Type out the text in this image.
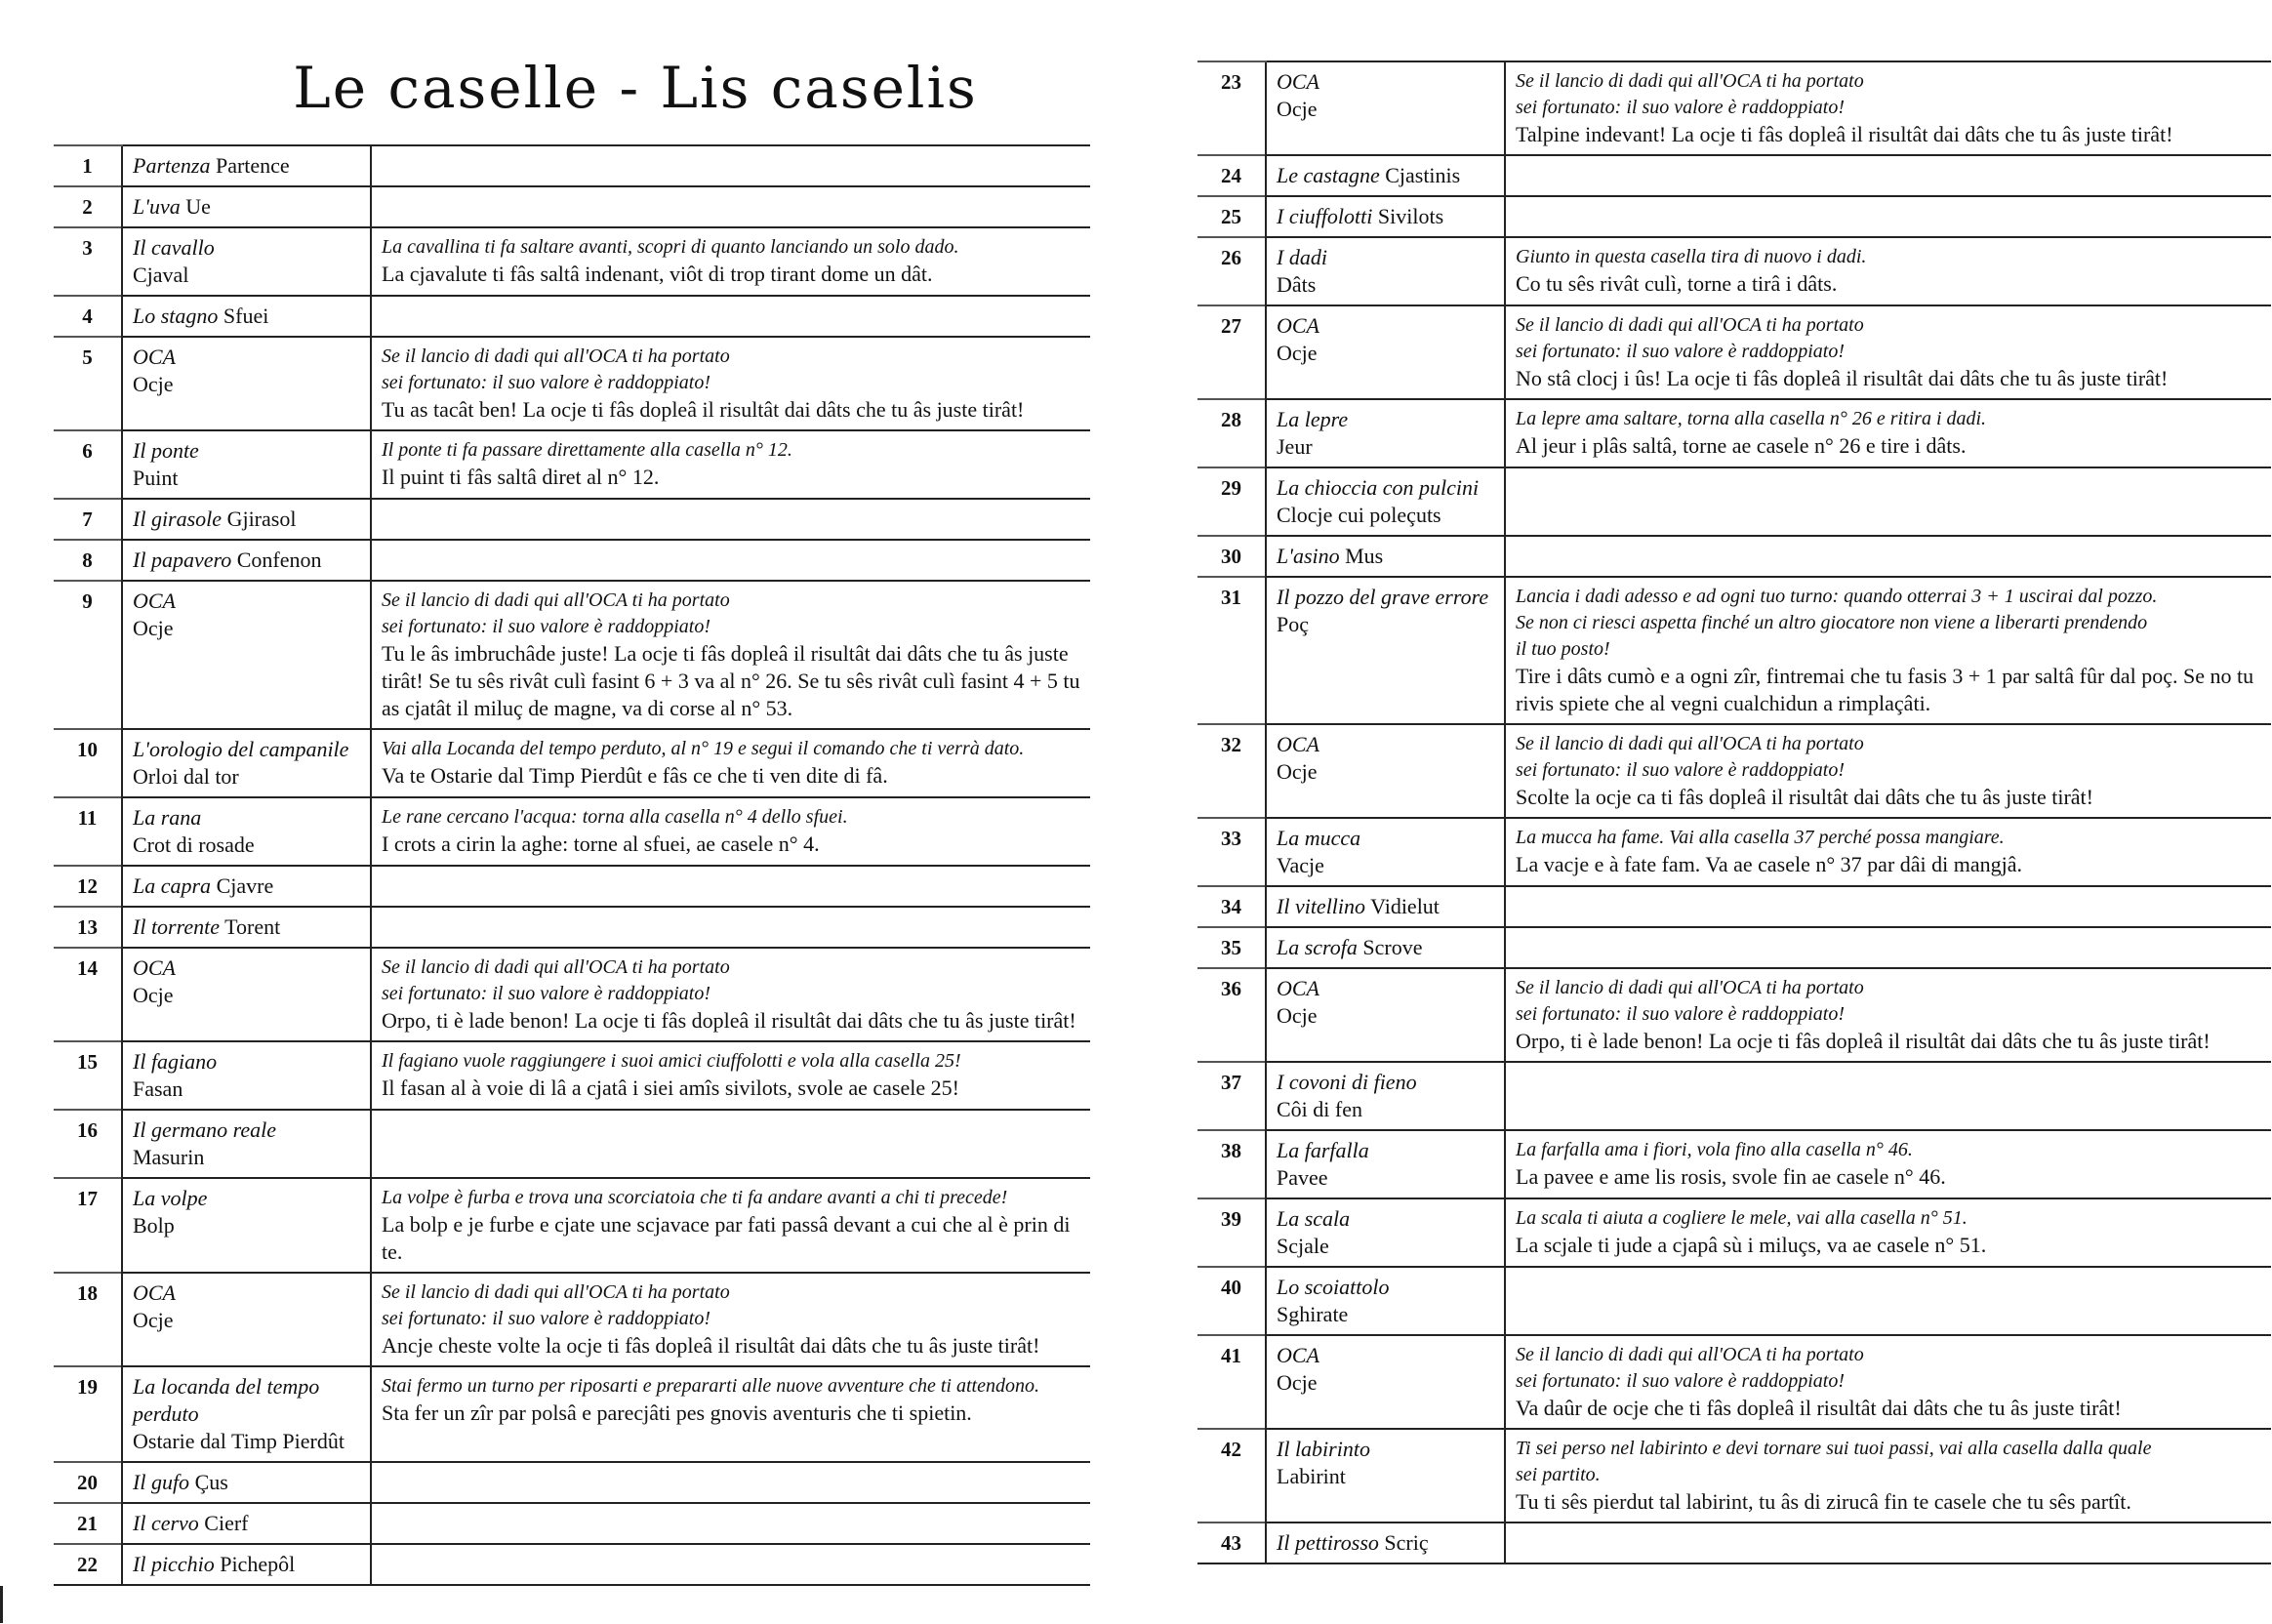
Le caselle - Lis caselis
1	Partenza Partence	
2	L'uva Ue	
3	Il cavallo
Cjaval	La cavallina ti fa saltare avanti, scopri di quanto lanciando un solo dado.
La cjavalute ti fâs saltâ indenant, viôt di trop tirant dome un dât.

4	Lo stagno Sfuei	
5	OCA
Ocje	Se il lancio di dadi qui all'OCA ti ha portato
sei fortunato: il suo valore è raddoppiato!
Tu as tacât ben! La ocje ti fâs dopleâ il risultât dai dâts che tu âs juste tirât!

6	Il ponte
Puint	Il ponte ti fa passare direttamente alla casella n° 12.
Il puint ti fâs saltâ diret al n° 12.

7	Il girasole Gjirasol	
8	Il papavero Confenon	
9	OCA
Ocje	Se il lancio di dadi qui all'OCA ti ha portato
sei fortunato: il suo valore è raddoppiato!
Tu le âs imbruchâde juste! La ocje ti fâs dopleâ il risultât dai dâts che tu âs juste tirât! Se tu sês rivât culì fasint 6 + 3 va al n° 26. Se tu sês rivât culì fasint 4 + 5 tu as cjatât il miluç de magne, va di corse al n° 53.

10	L'orologio del campanile
Orloi dal tor	Vai alla Locanda del tempo perduto, al n° 19 e segui il comando che ti verrà dato.
Va te Ostarie dal Timp Pierdût e fâs ce che ti ven dite di fâ.

11	La rana
Crot di rosade	Le rane cercano l'acqua: torna alla casella n° 4 dello sfuei.
I crots a cirin la aghe: torne al sfuei, ae casele n° 4.

12	La capra Cjavre	
13	Il torrente Torent	
14	OCA
Ocje	Se il lancio di dadi qui all'OCA ti ha portato
sei fortunato: il suo valore è raddoppiato!
Orpo, ti è lade benon! La ocje ti fâs dopleâ il risultât dai dâts che tu âs juste tirât!

15	Il fagiano
Fasan	Il fagiano vuole raggiungere i suoi amici ciuffolotti e vola alla casella 25!
Il fasan al à voie di lâ a cjatâ i siei amîs sivilots, svole ae casele 25!

16	Il germano reale
Masurin	

17	La volpe
Bolp	La volpe è furba e trova una scorciatoia che ti fa andare avanti a chi ti precede!
La bolp e je furbe e cjate une scjavace par fati passâ devant a cui che al è prin di te.

18	OCA
Ocje	Se il lancio di dadi qui all'OCA ti ha portato
sei fortunato: il suo valore è raddoppiato!
Ancje cheste volte la ocje ti fâs dopleâ il risultât dai dâts che tu âs juste tirât!

19	La locanda del tempo perduto
Ostarie dal Timp Pierdût	Stai fermo un turno per riposarti e prepararti alle nuove avventure che ti attendono.
Sta fer un zîr par polsâ e parecjâti pes gnovis aventuris che ti spietin.

20	Il gufo Çus	
21	Il cervo Cierf	
22	Il picchio Pichepôl	
23	OCA
Ocje	Se il lancio di dadi qui all'OCA ti ha portato
sei fortunato: il suo valore è raddoppiato!
Talpine indevant! La ocje ti fâs dopleâ il risultât dai dâts che tu âs juste tirât!

24	Le castagne Cjastinis	
25	I ciuffolotti Sivilots	
26	I dadi
Dâts	Giunto in questa casella tira di nuovo i dadi.
Co tu sês rivât culì, torne a tirâ i dâts.

27	OCA
Ocje	Se il lancio di dadi qui all'OCA ti ha portato
sei fortunato: il suo valore è raddoppiato!
No stâ clocj i ûs! La ocje ti fâs dopleâ il risultât dai dâts che tu âs juste tirât!

28	La lepre
Jeur	La lepre ama saltare, torna alla casella n° 26 e ritira i dadi.
Al jeur i plâs saltâ, torne ae casele n° 26 e tire i dâts.

29	La chioccia con pulcini
Clocje cui poleçuts	

30	L'asino Mus	
31	Il pozzo del grave errore
Poç	Lancia i dadi adesso e ad ogni tuo turno: quando otterrai 3 + 1 uscirai dal pozzo.
Se non ci riesci aspetta finché un altro giocatore non viene a liberarti prendendo
il tuo posto!
Tire i dâts cumò e a ogni zîr, fintremai che tu fasis 3 + 1 par saltâ fûr dal poç. Se no tu rivis spiete che al vegni cualchidun a rimplaçâti.

32	OCA
Ocje	Se il lancio di dadi qui all'OCA ti ha portato
sei fortunato: il suo valore è raddoppiato!
Scolte la ocje ca ti fâs dopleâ il risultât dai dâts che tu âs juste tirât!

33	La mucca
Vacje	La mucca ha fame. Vai alla casella 37 perché possa mangiare.
La vacje e à fate fam. Va ae casele n° 37 par dâi di mangjâ.

34	Il vitellino Vidielut	
35	La scrofa Scrove	
36	OCA
Ocje	Se il lancio di dadi qui all'OCA ti ha portato
sei fortunato: il suo valore è raddoppiato!
Orpo, ti è lade benon! La ocje ti fâs dopleâ il risultât dai dâts che tu âs juste tirât!

37	I covoni di fieno
Côi di fen	

38	La farfalla
Pavee	La farfalla ama i fiori, vola fino alla casella n° 46.
La pavee e ame lis rosis, svole fin ae casele n° 46.

39	La scala
Scjale	La scala ti aiuta a cogliere le mele, vai alla casella n° 51.
La scjale ti jude a cjapâ sù i miluçs, va ae casele n° 51.

40	Lo scoiattolo
Sghirate	

41	OCA
Ocje	Se il lancio di dadi qui all'OCA ti ha portato
sei fortunato: il suo valore è raddoppiato!
Va daûr de ocje che ti fâs dopleâ il risultât dai dâts che tu âs juste tirât!

42	Il labirinto
Labirint	Ti sei perso nel labirinto e devi tornare sui tuoi passi, vai alla casella dalla quale
sei partito.
Tu ti sês pierdut tal labirint, tu âs di zirucâ fin te casele che tu sês partît.

43	Il pettirosso Scriç	
